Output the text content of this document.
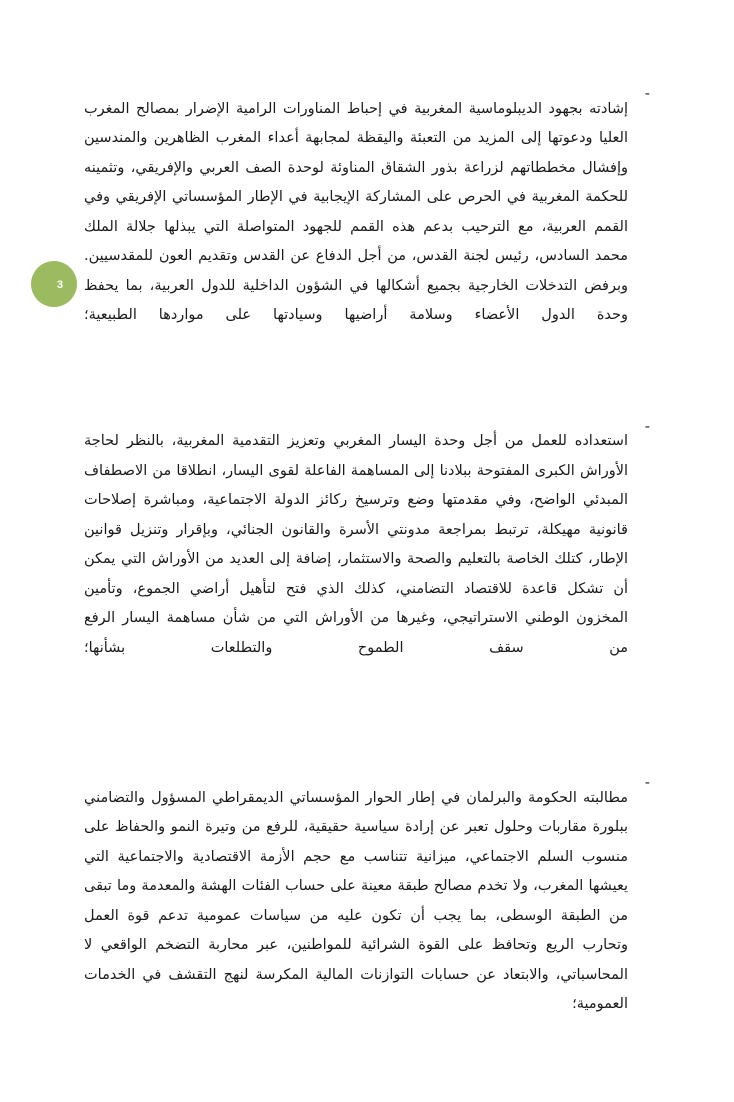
3
-

إشادته بجهود الديبلوماسية المغربية في إحباط المناورات الرامية الإضرار بمصالح المغرب العليا ودعوتها إلى المزيد من التعبئة واليقظة لمجابهة أعداء المغرب الظاهرين والمندسين وإفشال مخططاتهم لزراعة بذور الشقاق المناوئة لوحدة الصف العربي والإفريقي، وتثمينه للحكمة المغربية في الحرص على المشاركة الإيجابية في الإطار المؤسساتي الإفريقي وفي القمم العربية، مع الترحيب بدعم هذه القمم للجهود المتواصلة التي يبذلها جلالة الملك محمد السادس، رئيس لجنة القدس، من أجل الدفاع عن القدس وتقديم العون للمقدسيين. وبرفض التدخلات الخارجية بجميع أشكالها في الشؤون الداخلية للدول العربية، بما يحفظ وحدة الدول الأعضاء وسلامة أراضيها وسيادتها على مواردها الطبيعية؛

-

استعداده للعمل من أجل وحدة اليسار المغربي وتعزيز التقدمية المغربية، بالنظر لحاجة الأوراش الكبرى المفتوحة ببلادنا إلى المساهمة الفاعلة لقوى اليسار، انطلاقا من الاصطفاف المبدئي الواضح، وفي مقدمتها وضع وترسيخ ركائز الدولة الاجتماعية، ومباشرة إصلاحات قانونية مهيكلة، ترتبط بمراجعة مدونتي الأسرة والقانون الجنائي، وبإقرار وتنزيل قوانين الإطار، كتلك الخاصة بالتعليم والصحة والاستثمار، إضافة إلى العديد من الأوراش التي يمكن أن تشكل قاعدة للاقتصاد التضامني، كذلك الذي فتح لتأهيل أراضي الجموع، وتأمين المخزون الوطني الاستراتيجي، وغيرها من الأوراش التي من شأن مساهمة اليسار الرفع من سقف الطموح والتطلعات بشأنها؛

-

مطالبته الحكومة والبرلمان في إطار الحوار المؤسساتي الديمقراطي المسؤول والتضامني ببلورة مقاربات وحلول تعبر عن إرادة سياسية حقيقية، للرفع من وتيرة النمو والحفاظ على منسوب السلم الاجتماعي، ميزانية تتناسب مع حجم الأزمة الاقتصادية والاجتماعية التي يعيشها المغرب، ولا تخدم مصالح طبقة معينة على حساب الفئات الهشة والمعدمة وما تبقى من الطبقة الوسطى، بما يجب أن تكون عليه من سياسات عمومية تدعم قوة العمل وتحارب الريع وتحافظ على القوة الشرائية للمواطنين، عبر محاربة التضخم الواقعي لا المحاسباتي، والابتعاد عن حسابات التوازنات المالية المكرسة لنهج التقشف في الخدمات العمومية؛
